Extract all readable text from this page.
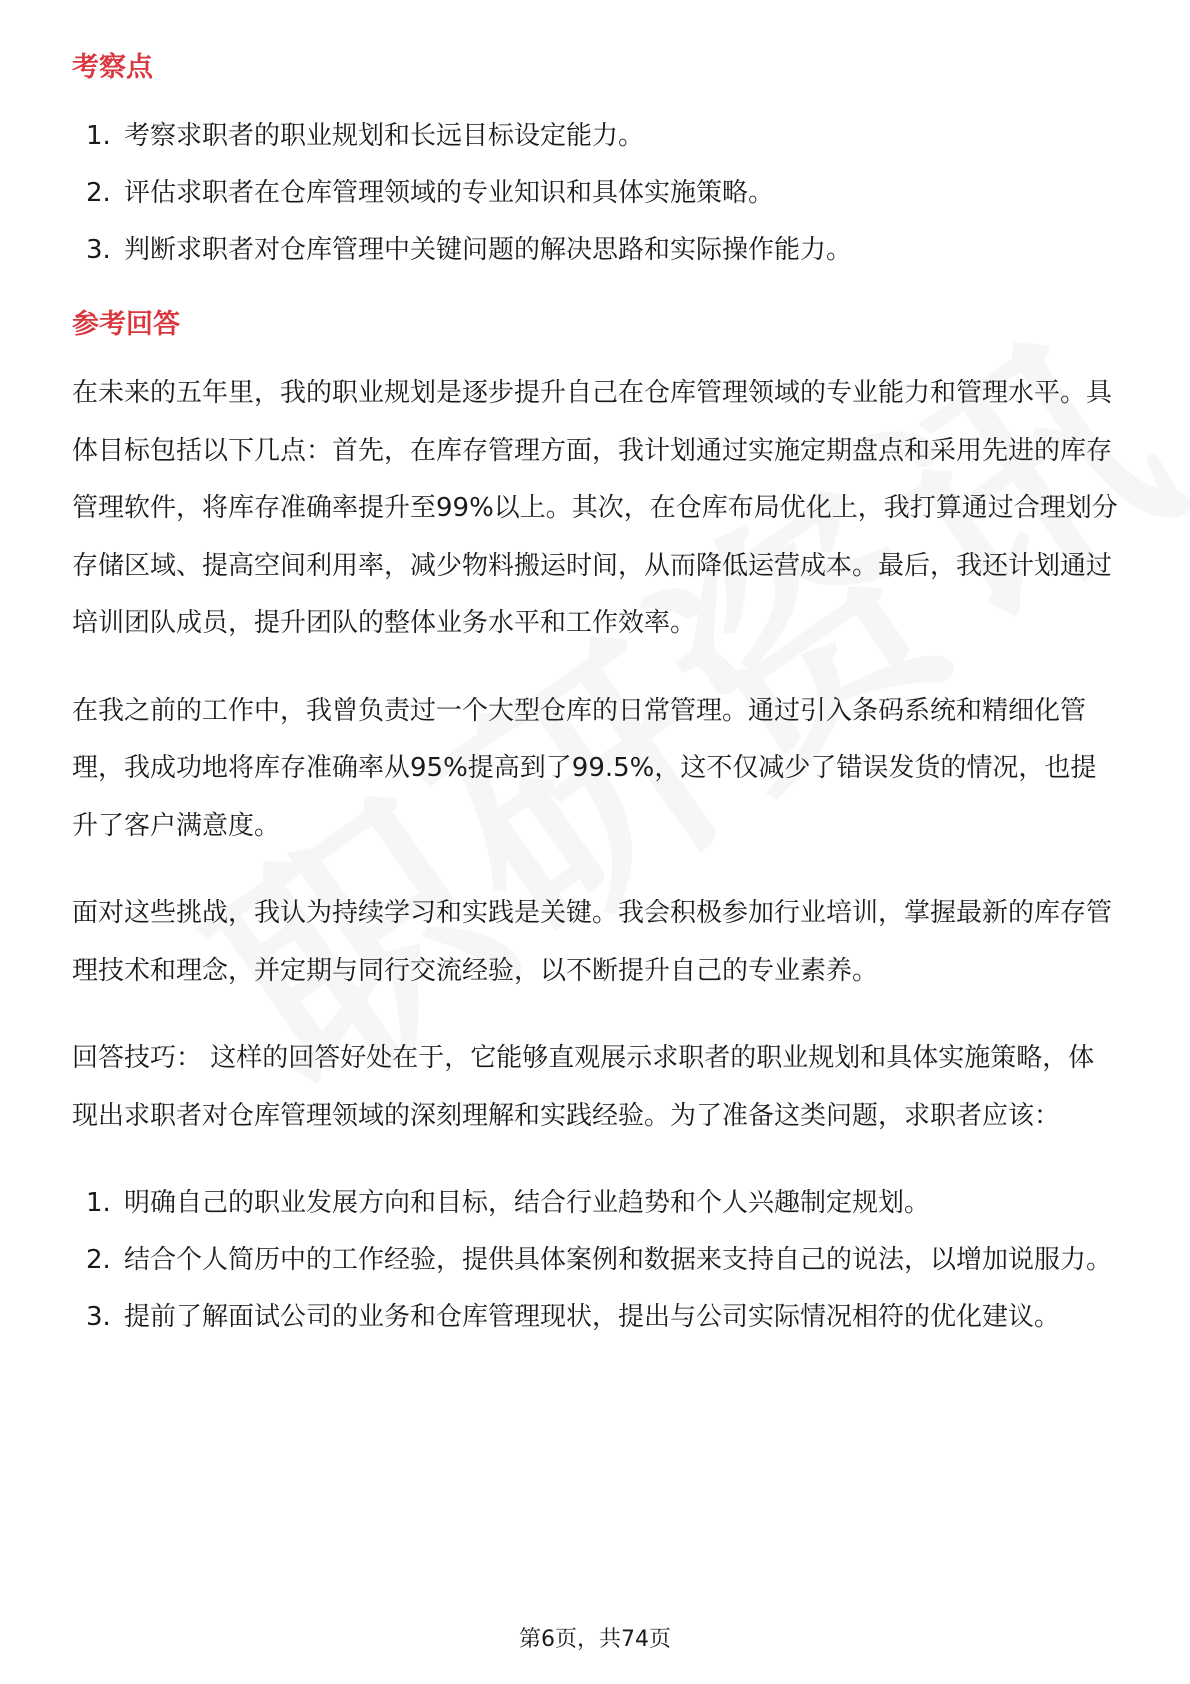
考察点
1. 考察求职者的职业规划和长远目标设定能力。
2. 评估求职者在仓库管理领域的专业知识和具体实施策略。
3. 判断求职者对仓库管理中关键问题的解决思路和实际操作能力。
参考回答

在未来的五年里，我的职业规划是逐步提升自己在仓库管理领域的专业能力和管理水平。具体目标包括以下几点：首先，在库存管理方面，我计划通过实施定期盘点和采用先进的库存管理软件，将库存准确率提升至99%以上。其次，在仓库布局优化上，我打算通过合理划分存储区域、提高空间利用率，减少物料搬运时间，从而降低运营成本。最后，我还计划通过培训团队成员，提升团队的整体业务水平和工作效率。

在我之前的工作中，我曾负责过一个大型仓库的日常管理。通过引入条码系统和精细化管理，我成功地将库存准确率从95%提高到了99.5%，这不仅减少了错误发货的情况，也提升了客户满意度。

面对这些挑战，我认为持续学习和实践是关键。我会积极参加行业培训，掌握最新的库存管理技术和理念，并定期与同行交流经验，以不断提升自己的专业素养。

回答技巧： 这样的回答好处在于，它能够直观展示求职者的职业规划和具体实施策略，体现出求职者对仓库管理领域的深刻理解和实践经验。为了准备这类问题，求职者应该：

1. 明确自己的职业发展方向和目标，结合行业趋势和个人兴趣制定规划。
2. 结合个人简历中的工作经验，提供具体案例和数据来支持自己的说法，以增加说服力。
3. 提前了解面试公司的业务和仓库管理现状，提出与公司实际情况相符的优化建议。
第6页，共74页
